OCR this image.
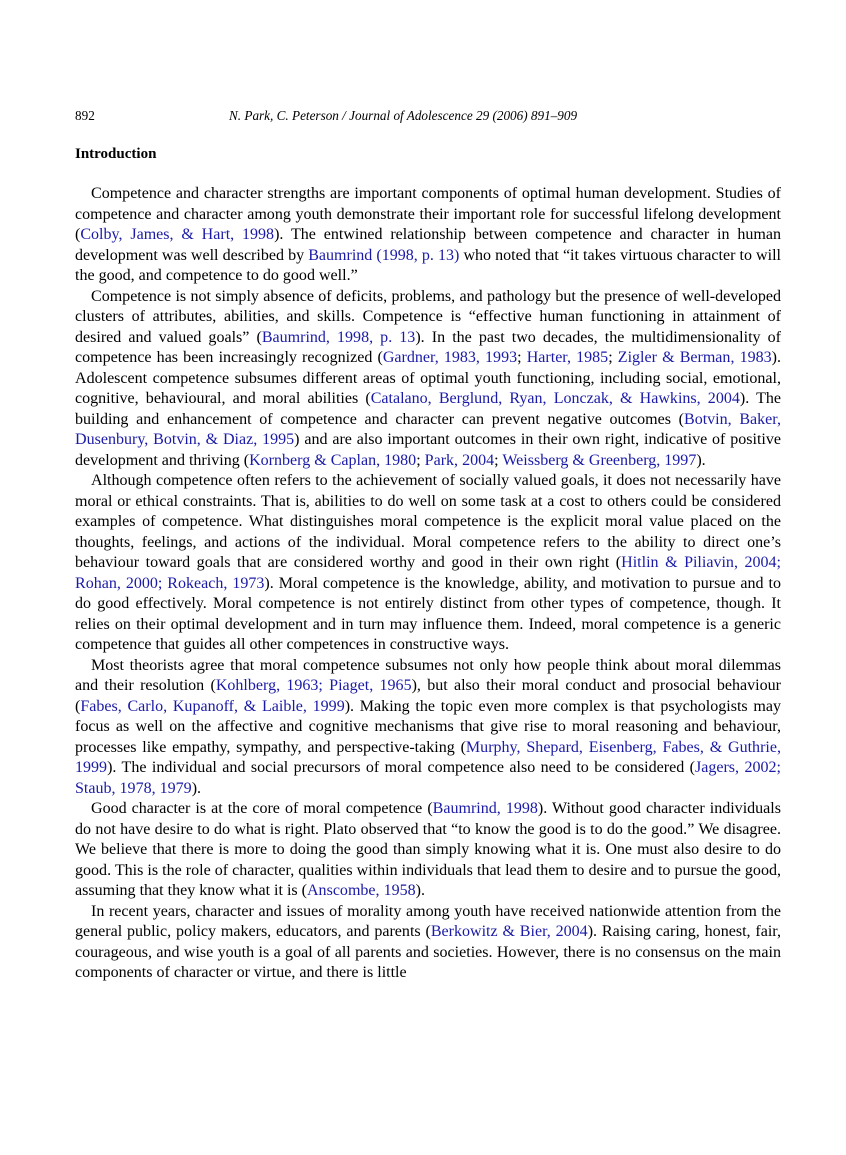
892	N. Park, C. Peterson / Journal of Adolescence 29 (2006) 891–909
Introduction

Competence and character strengths are important components of optimal human development. Studies of competence and character among youth demonstrate their important role for successful lifelong development (Colby, James, & Hart, 1998). The entwined relationship between competence and character in human development was well described by Baumrind (1998, p. 13) who noted that “it takes virtuous character to will the good, and competence to do good well.”

Competence is not simply absence of deficits, problems, and pathology but the presence of well-developed clusters of attributes, abilities, and skills. Competence is “effective human functioning in attainment of desired and valued goals” (Baumrind, 1998, p. 13). In the past two decades, the multidimensionality of competence has been increasingly recognized (Gardner, 1983, 1993; Harter, 1985; Zigler & Berman, 1983). Adolescent competence subsumes different areas of optimal youth functioning, including social, emotional, cognitive, behavioural, and moral abilities (Catalano, Berglund, Ryan, Lonczak, & Hawkins, 2004). The building and enhancement of competence and character can prevent negative outcomes (Botvin, Baker, Dusenbury, Botvin, & Diaz, 1995) and are also important outcomes in their own right, indicative of positive development and thriving (Kornberg & Caplan, 1980; Park, 2004; Weissberg & Greenberg, 1997).

Although competence often refers to the achievement of socially valued goals, it does not necessarily have moral or ethical constraints. That is, abilities to do well on some task at a cost to others could be considered examples of competence. What distinguishes moral competence is the explicit moral value placed on the thoughts, feelings, and actions of the individual. Moral competence refers to the ability to direct one’s behaviour toward goals that are considered worthy and good in their own right (Hitlin & Piliavin, 2004; Rohan, 2000; Rokeach, 1973). Moral competence is the knowledge, ability, and motivation to pursue and to do good effectively. Moral competence is not entirely distinct from other types of competence, though. It relies on their optimal development and in turn may influence them. Indeed, moral competence is a generic competence that guides all other competences in constructive ways.

Most theorists agree that moral competence subsumes not only how people think about moral dilemmas and their resolution (Kohlberg, 1963; Piaget, 1965), but also their moral conduct and prosocial behaviour (Fabes, Carlo, Kupanoff, & Laible, 1999). Making the topic even more complex is that psychologists may focus as well on the affective and cognitive mechanisms that give rise to moral reasoning and behaviour, processes like empathy, sympathy, and perspective-taking (Murphy, Shepard, Eisenberg, Fabes, & Guthrie, 1999). The individual and social precursors of moral competence also need to be considered (Jagers, 2002; Staub, 1978, 1979).

Good character is at the core of moral competence (Baumrind, 1998). Without good character individuals do not have desire to do what is right. Plato observed that “to know the good is to do the good.” We disagree. We believe that there is more to doing the good than simply knowing what it is. One must also desire to do good. This is the role of character, qualities within individuals that lead them to desire and to pursue the good, assuming that they know what it is (Anscombe, 1958).

In recent years, character and issues of morality among youth have received nationwide attention from the general public, policy makers, educators, and parents (Berkowitz & Bier, 2004). Raising caring, honest, fair, courageous, and wise youth is a goal of all parents and societies. However, there is no consensus on the main components of character or virtue, and there is little
